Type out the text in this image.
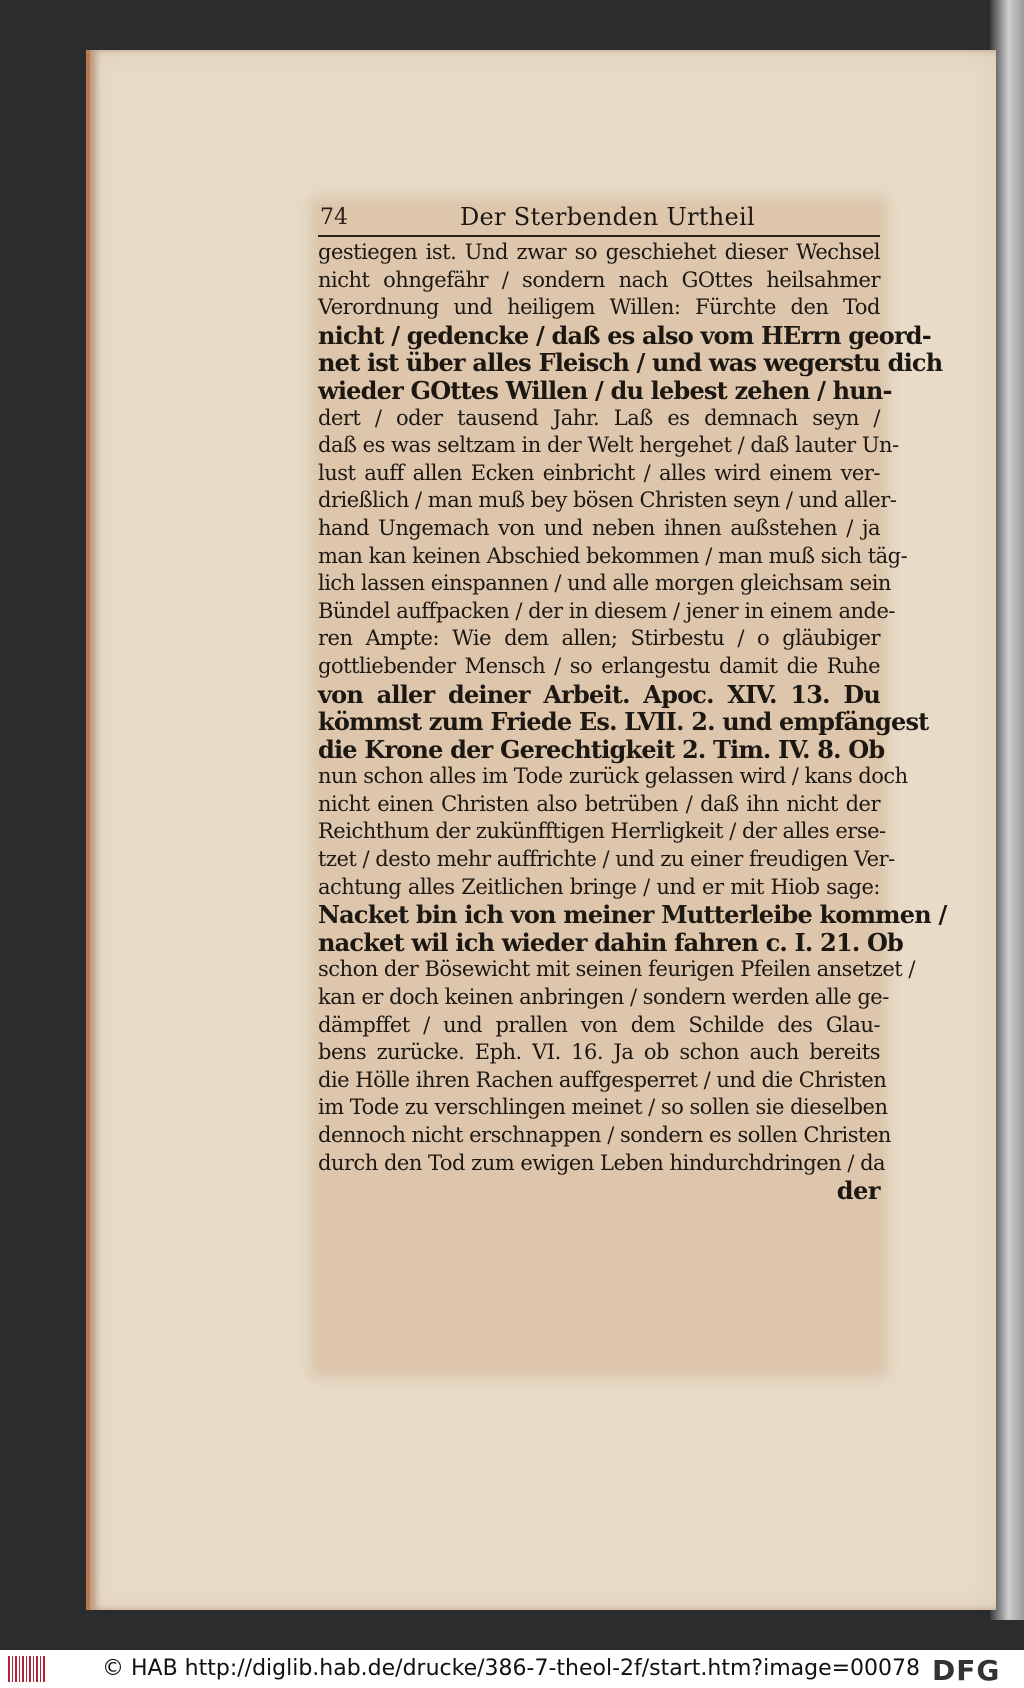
74	Der Sterbenden Urtheil
gestiegen ist. Und zwar so geschiehet dieser Wechsel
nicht ohngefähr / sondern nach GOttes heilsahmer
Verordnung und heiligem Willen: Fürchte den Tod
nicht / gedencke / daß es also vom HErrn geord-
net ist über alles Fleisch / und was wegerstu dich
wieder GOttes Willen / du lebest zehen / hun-
dert / oder tausend Jahr. Laß es demnach seyn /
daß es was seltzam in der Welt hergehet / daß lauter Un-
lust auff allen Ecken einbricht / alles wird einem ver-
drießlich / man muß bey bösen Christen seyn / und aller-
hand Ungemach von und neben ihnen außstehen / ja
man kan keinen Abschied bekommen / man muß sich täg-
lich lassen einspannen / und alle morgen gleichsam sein
Bündel auffpacken / der in diesem / jener in einem ande-
ren Ampte: Wie dem allen; Stirbestu / o gläubiger
gottliebender Mensch / so erlangestu damit die Ruhe
von aller deiner Arbeit. Apoc. XIV. 13. Du
kömmst zum Friede Es. LVII. 2. und empfängest
die Krone der Gerechtigkeit 2. Tim. IV. 8. Ob
nun schon alles im Tode zurück gelassen wird / kans doch
nicht einen Christen also betrüben / daß ihn nicht der
Reichthum der zukünfftigen Herrligkeit / der alles erse-
tzet / desto mehr auffrichte / und zu einer freudigen Ver-
achtung alles Zeitlichen bringe / und er mit Hiob sage:
Nacket bin ich von meiner Mutterleibe kommen /
nacket wil ich wieder dahin fahren c. I. 21. Ob
schon der Bösewicht mit seinen feurigen Pfeilen ansetzet /
kan er doch keinen anbringen / sondern werden alle ge-
dämpffet / und prallen von dem Schilde des Glau-
bens zurücke. Eph. VI. 16. Ja ob schon auch bereits
die Hölle ihren Rachen auffgesperret / und die Christen
im Tode zu verschlingen meinet / so sollen sie dieselben
dennoch nicht erschnappen / sondern es sollen Christen
durch den Tod zum ewigen Leben hindurchdringen / da
der
© HAB http://diglib.hab.de/drucke/386-7-theol-2f/start.htm?image=00078 DFG
